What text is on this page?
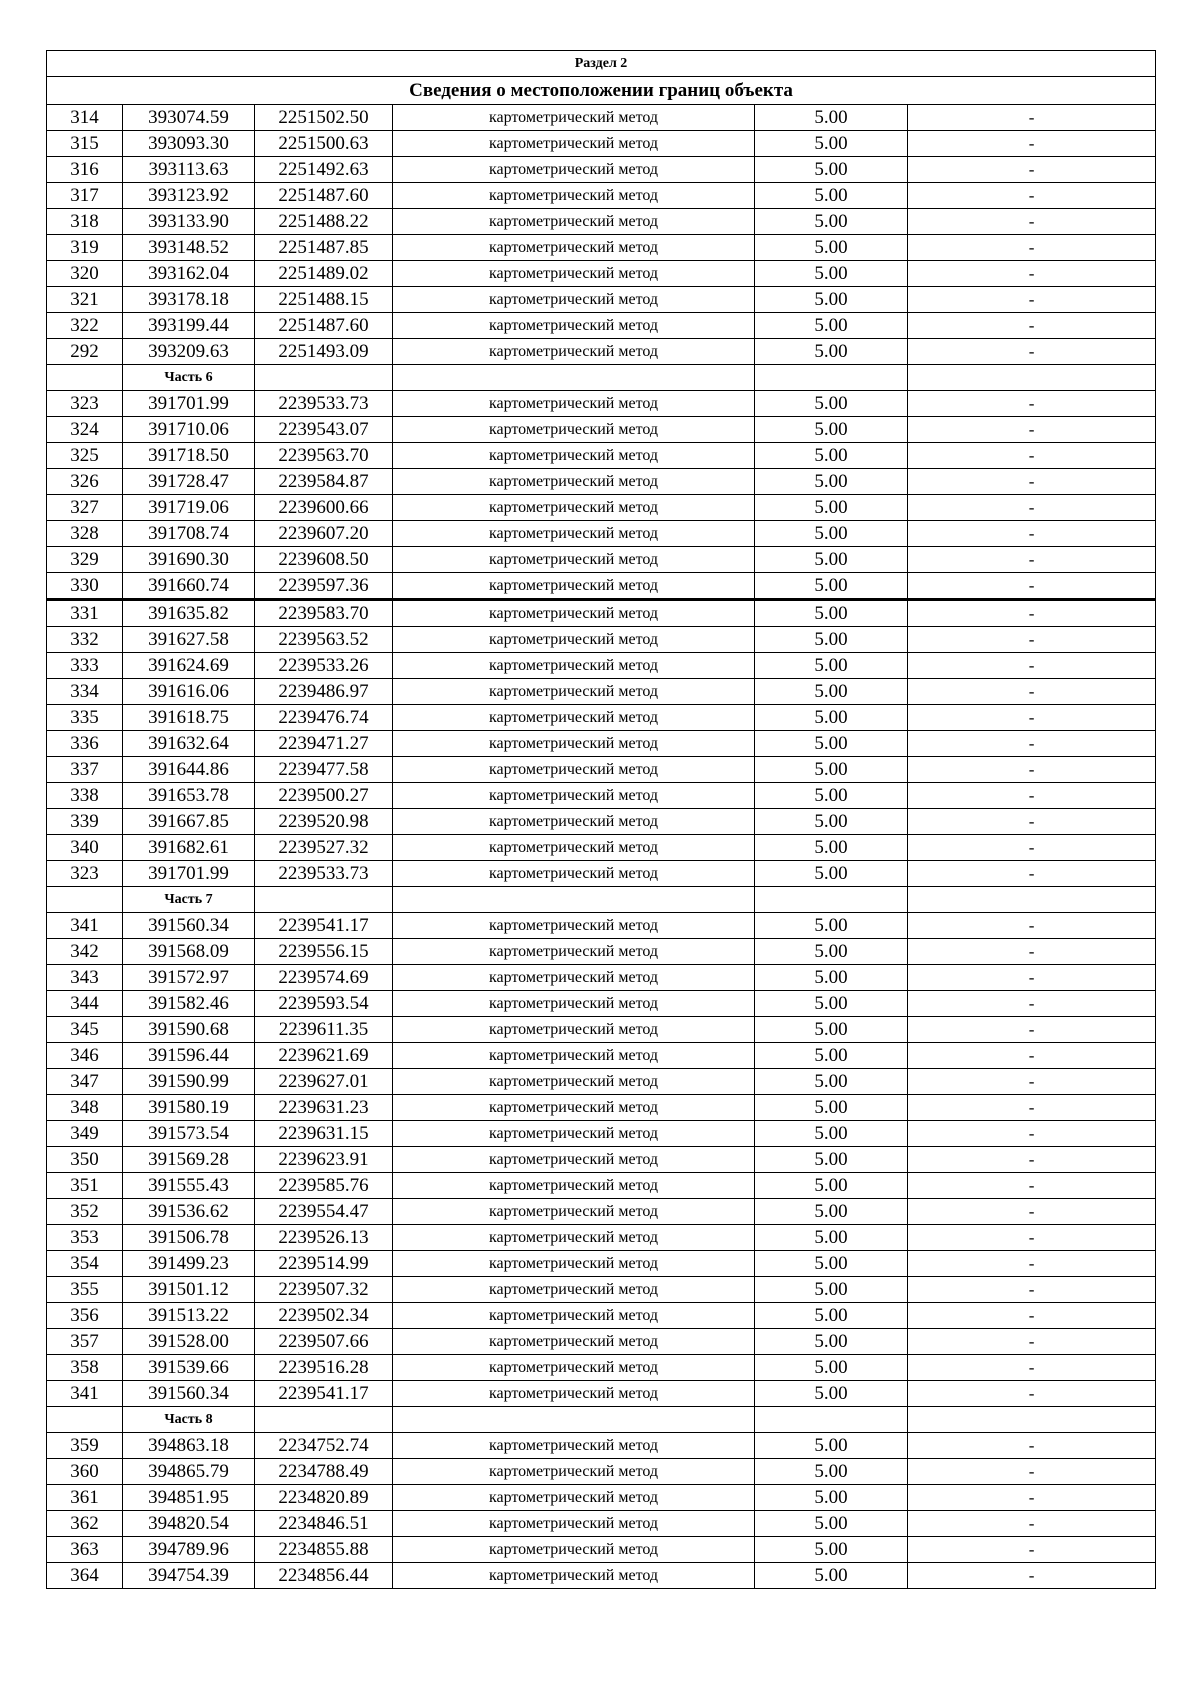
Раздел 2					
Сведения о местоположении границ объекта					
314	393074.59	2251502.50	картометрический метод	5.00	-
315	393093.30	2251500.63	картометрический метод	5.00	-
316	393113.63	2251492.63	картометрический метод	5.00	-
317	393123.92	2251487.60	картометрический метод	5.00	-
318	393133.90	2251488.22	картометрический метод	5.00	-
319	393148.52	2251487.85	картометрический метод	5.00	-
320	393162.04	2251489.02	картометрический метод	5.00	-
321	393178.18	2251488.15	картометрический метод	5.00	-
322	393199.44	2251487.60	картометрический метод	5.00	-
292	393209.63	2251493.09	картометрический метод	5.00	-
	Часть 6				
323	391701.99	2239533.73	картометрический метод	5.00	-
324	391710.06	2239543.07	картометрический метод	5.00	-
325	391718.50	2239563.70	картометрический метод	5.00	-
326	391728.47	2239584.87	картометрический метод	5.00	-
327	391719.06	2239600.66	картометрический метод	5.00	-
328	391708.74	2239607.20	картометрический метод	5.00	-
329	391690.30	2239608.50	картометрический метод	5.00	-
330	391660.74	2239597.36	картометрический метод	5.00	-
331	391635.82	2239583.70	картометрический метод	5.00	-
332	391627.58	2239563.52	картометрический метод	5.00	-
333	391624.69	2239533.26	картометрический метод	5.00	-
334	391616.06	2239486.97	картометрический метод	5.00	-
335	391618.75	2239476.74	картометрический метод	5.00	-
336	391632.64	2239471.27	картометрический метод	5.00	-
337	391644.86	2239477.58	картометрический метод	5.00	-
338	391653.78	2239500.27	картометрический метод	5.00	-
339	391667.85	2239520.98	картометрический метод	5.00	-
340	391682.61	2239527.32	картометрический метод	5.00	-
323	391701.99	2239533.73	картометрический метод	5.00	-
	Часть 7				
341	391560.34	2239541.17	картометрический метод	5.00	-
342	391568.09	2239556.15	картометрический метод	5.00	-
343	391572.97	2239574.69	картометрический метод	5.00	-
344	391582.46	2239593.54	картометрический метод	5.00	-
345	391590.68	2239611.35	картометрический метод	5.00	-
346	391596.44	2239621.69	картометрический метод	5.00	-
347	391590.99	2239627.01	картометрический метод	5.00	-
348	391580.19	2239631.23	картометрический метод	5.00	-
349	391573.54	2239631.15	картометрический метод	5.00	-
350	391569.28	2239623.91	картометрический метод	5.00	-
351	391555.43	2239585.76	картометрический метод	5.00	-
352	391536.62	2239554.47	картометрический метод	5.00	-
353	391506.78	2239526.13	картометрический метод	5.00	-
354	391499.23	2239514.99	картометрический метод	5.00	-
355	391501.12	2239507.32	картометрический метод	5.00	-
356	391513.22	2239502.34	картометрический метод	5.00	-
357	391528.00	2239507.66	картометрический метод	5.00	-
358	391539.66	2239516.28	картометрический метод	5.00	-
341	391560.34	2239541.17	картометрический метод	5.00	-
	Часть 8				
359	394863.18	2234752.74	картометрический метод	5.00	-
360	394865.79	2234788.49	картометрический метод	5.00	-
361	394851.95	2234820.89	картометрический метод	5.00	-
362	394820.54	2234846.51	картометрический метод	5.00	-
363	394789.96	2234855.88	картометрический метод	5.00	-
364	394754.39	2234856.44	картометрический метод	5.00	-
